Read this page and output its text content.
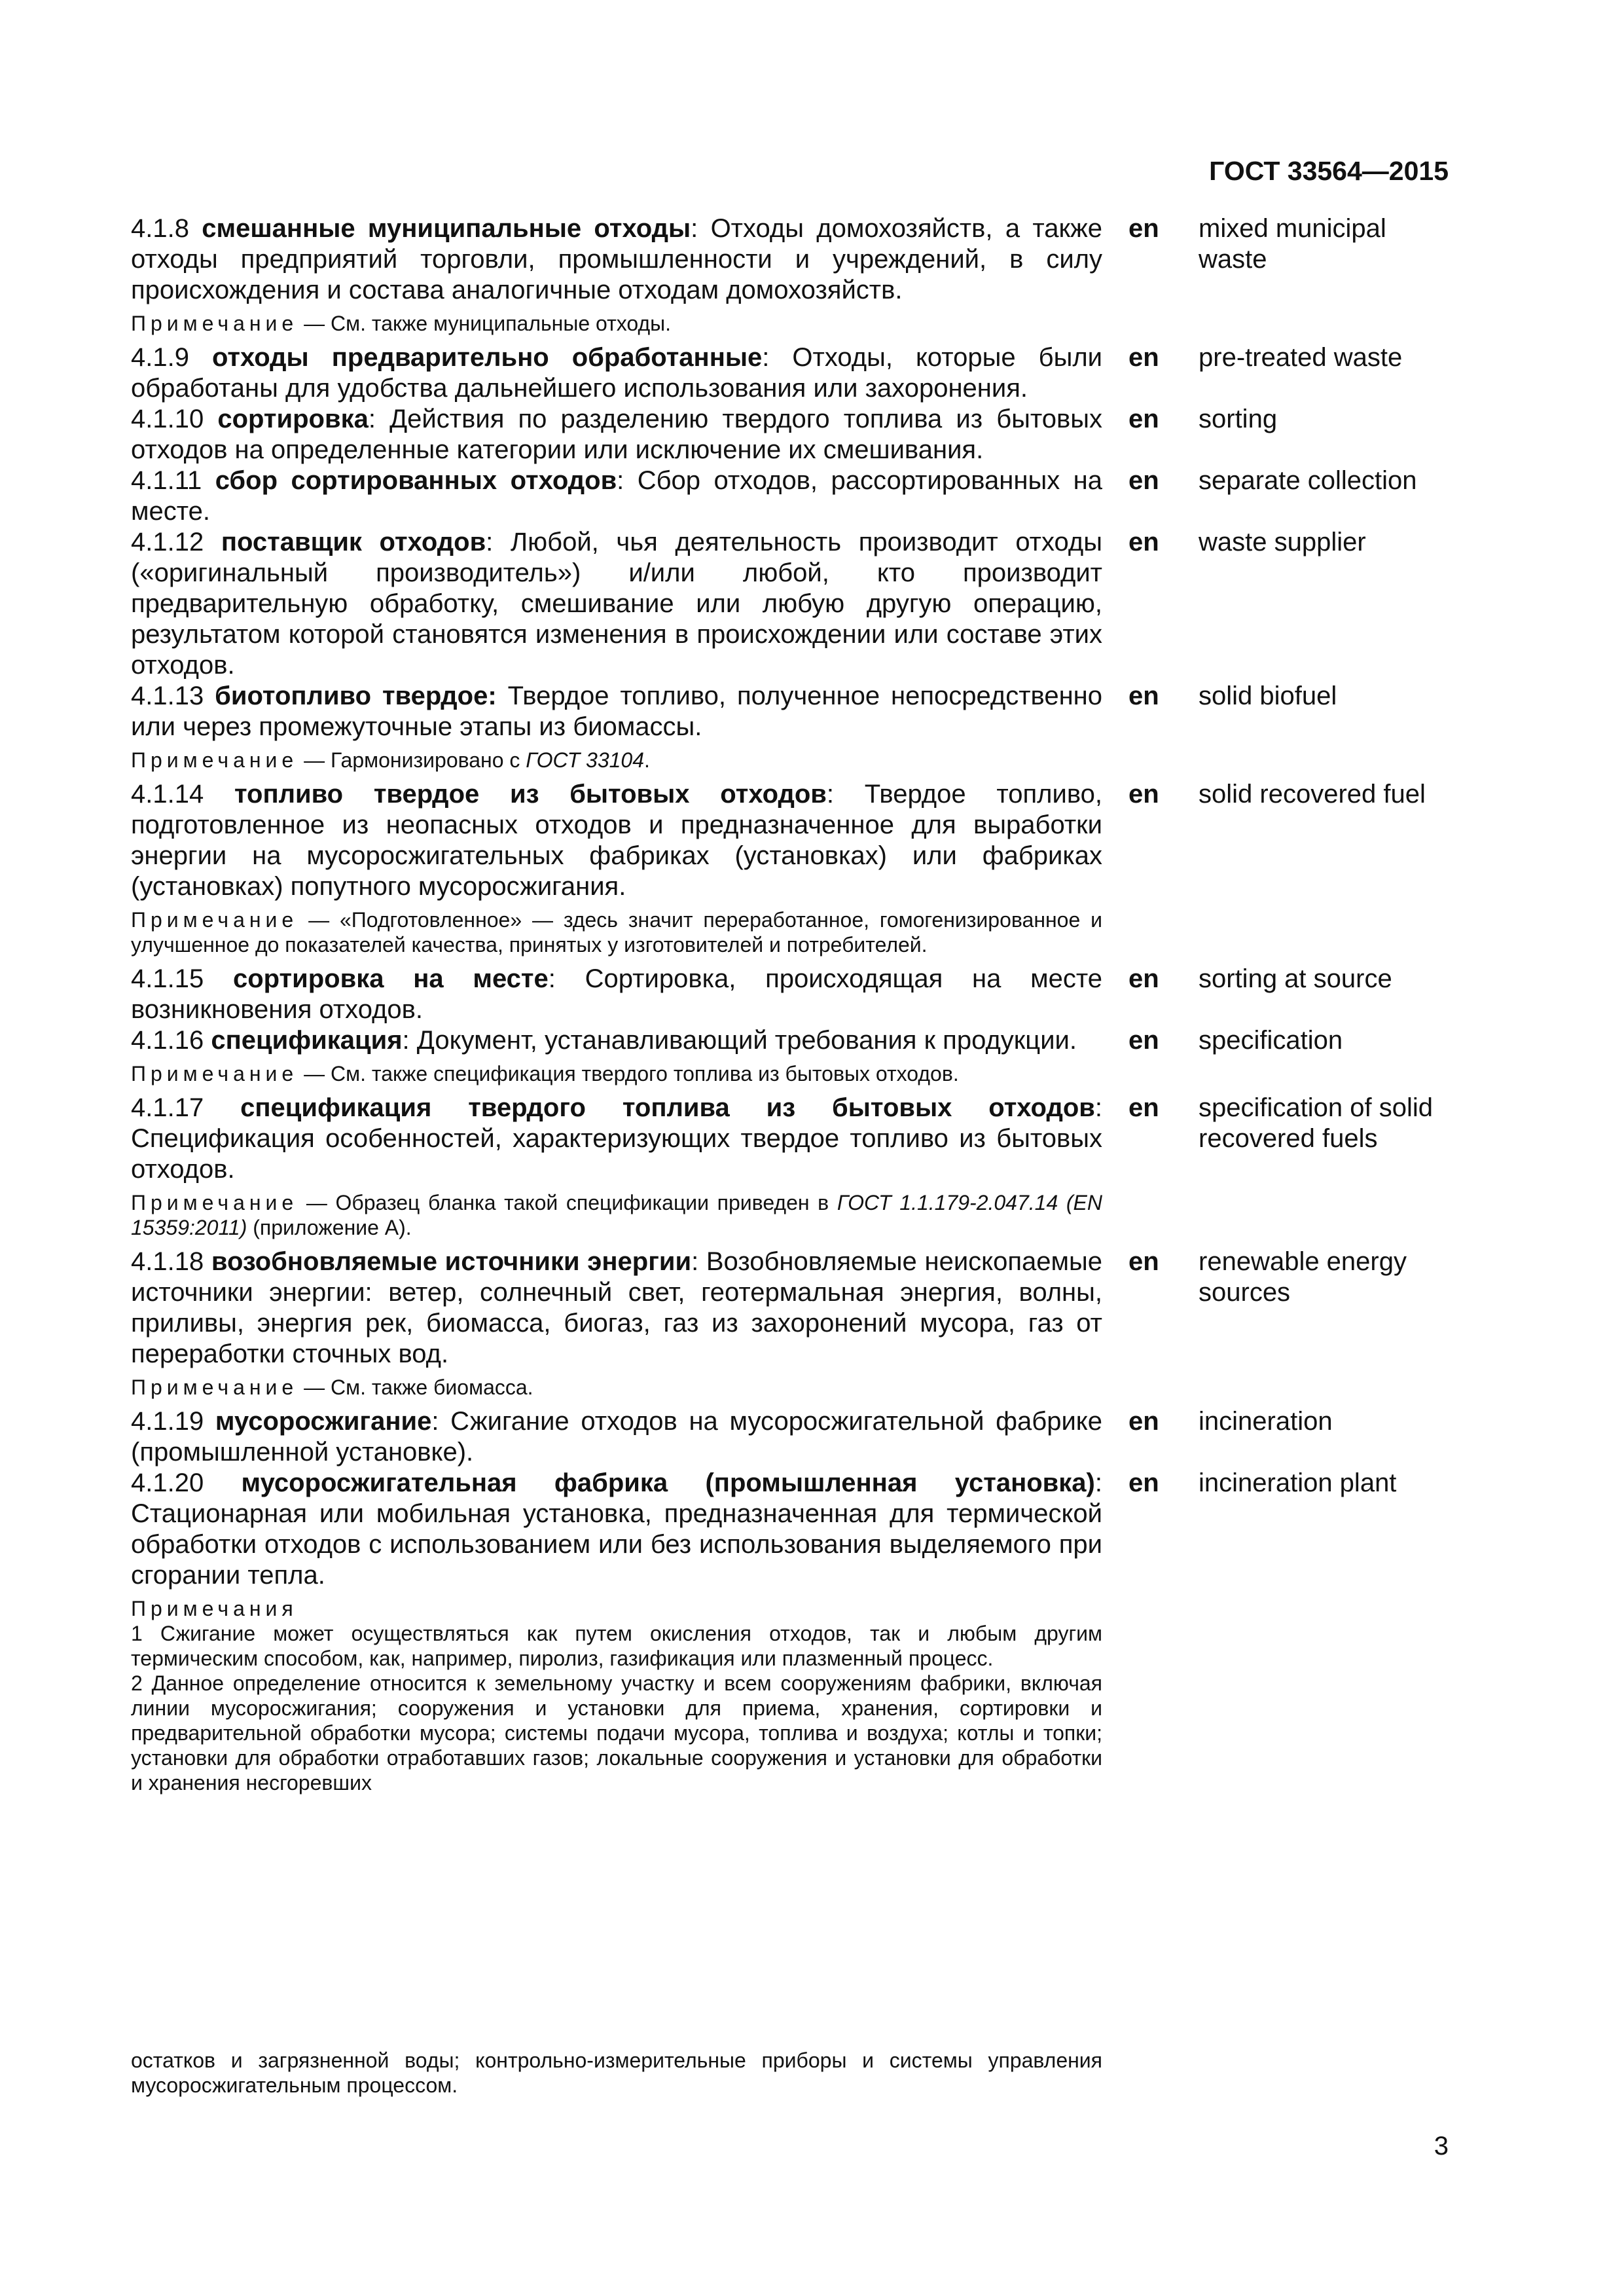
ГОСТ 33564—2015

4.1.8 смешанные муниципальные отходы: Отходы домохозяйств, а также отходы предприятий торговли, промышленности и учреждений, в силу происхождения и состава аналогичные отходам домохозяйств.

Примечание — См. также муниципальные отходы.

en	mixed municipal waste

4.1.9 отходы предварительно обработанные: Отходы, которые были обработаны для удобства дальнейшего использования или захоронения.

en	pre-treated waste

4.1.10 сортировка: Действия по разделению твердого топлива из бытовых отходов на определенные категории или исключение их смешивания.

en	sorting

4.1.11 сбор сортированных отходов: Сбор отходов, рассортированных на месте.

en	separate collection

4.1.12 поставщик отходов: Любой, чья деятельность производит отходы («оригинальный производитель») и/или любой, кто производит предварительную обработку, смешивание или любую другую операцию, результатом которой становятся изменения в происхождении или составе этих отходов.

en	waste supplier

4.1.13 биотопливо твердое: Твердое топливо, полученное непосредственно или через промежуточные этапы из биомассы.

Примечание — Гармонизировано с ГОСТ 33104.

en	solid biofuel

4.1.14 топливо твердое из бытовых отходов: Твердое топливо, подготовленное из неопасных отходов и предназначенное для выработки энергии на мусоросжигательных фабриках (установках) или фабриках (установках) попутного мусоросжигания.

Примечание — «Подготовленное» — здесь значит переработанное, гомогенизированное и улучшенное до показателей качества, принятых у изготовителей и потребителей.

en	solid recovered fuel

4.1.15 сортировка на месте: Сортировка, происходящая на месте возникновения отходов.

en	sorting at source

4.1.16 спецификация: Документ, устанавливающий требования к продукции.

Примечание — См. также спецификация твердого топлива из бытовых отходов.

en	specification

4.1.17 спецификация твердого топлива из бытовых отходов: Спецификация особенностей, характеризующих твердое топливо из бытовых отходов.

Примечание — Образец бланка такой спецификации приведен в ГОСТ 1.1.179-2.047.14 (EN 15359:2011) (приложение А).

en	specification of solid recovered fuels

4.1.18 возобновляемые источники энергии: Возобновляемые неископаемые источники энергии: ветер, солнечный свет, геотермальная энергия, волны, приливы, энергия рек, биомасса, биогаз, газ из захоронений мусора, газ от переработки сточных вод.

Примечание — См. также биомасса.

en	renewable energy sources

4.1.19 мусоросжигание: Сжигание отходов на мусоросжигательной фабрике (промышленной установке).

en	incineration

4.1.20 мусоросжигательная фабрика (промышленная установка): Стационарная или мобильная установка, предназначенная для термической обработки отходов с использованием или без использования выделяемого при сгорании тепла.

en	incineration plant
Примечания

1 Сжигание может осуществляться как путем окисления отходов, так и любым другим термическим способом, как, например, пиролиз, газификация или плазменный процесс.

2 Данное определение относится к земельному участку и всем сооружениям фабрики, включая линии мусоросжигания; сооружения и установки для приема, хранения, сортировки и предварительной обработки мусора; системы подачи мусора, топлива и воздуха; котлы и топки; установки для обработки отработавших газов; локальные сооружения и установки для обработки и хранения несгоревших

остатков и загрязненной воды; контрольно-измерительные приборы и системы управления мусоросжигательным процессом.
3
